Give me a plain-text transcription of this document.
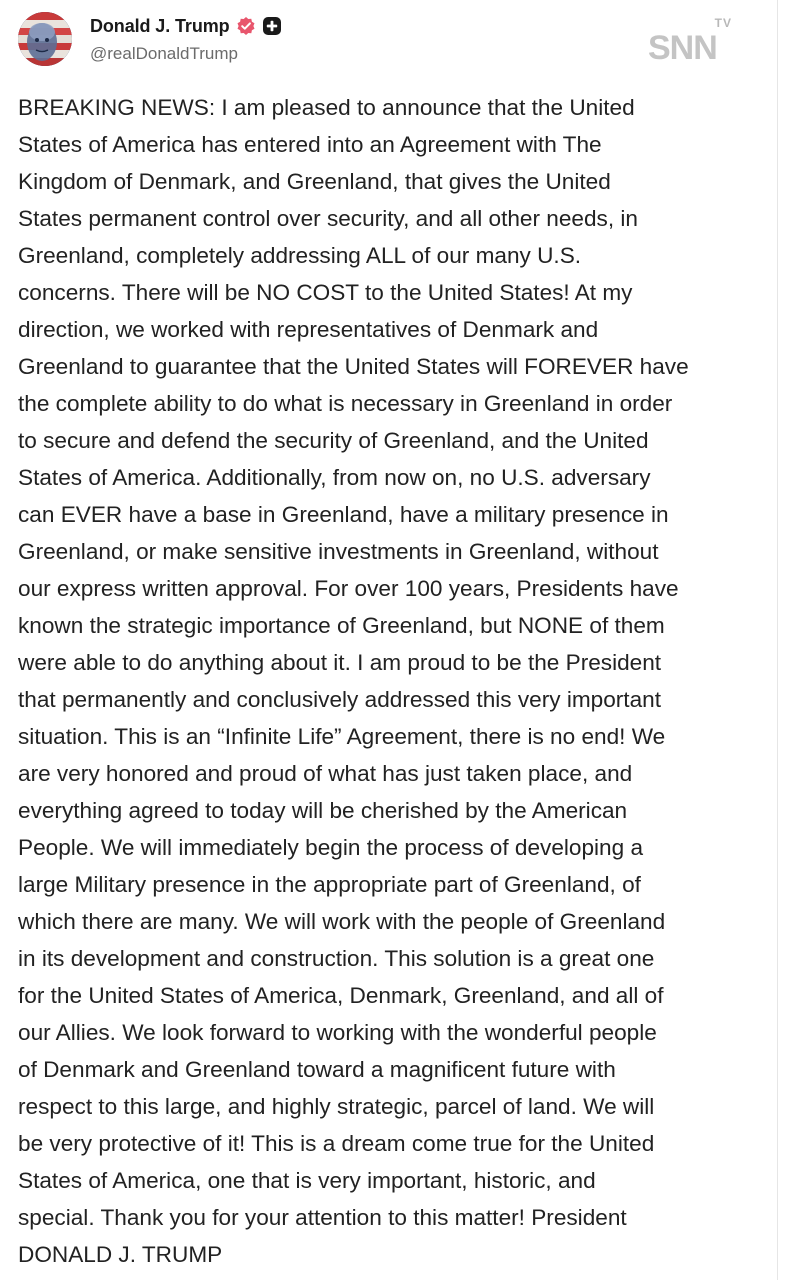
Donald J. Trump
@realDonaldTrump
TV
SNN
BREAKING NEWS: I am pleased to announce that the United
States of America has entered into an Agreement with The
Kingdom of Denmark, and Greenland, that gives the United
States permanent control over security, and all other needs, in
Greenland, completely addressing ALL of our many U.S.
concerns. There will be NO COST to the United States! At my
direction, we worked with representatives of Denmark and
Greenland to guarantee that the United States will FOREVER have
the complete ability to do what is necessary in Greenland in order
to secure and defend the security of Greenland, and the United
States of America. Additionally, from now on, no U.S. adversary
can EVER have a base in Greenland, have a military presence in
Greenland, or make sensitive investments in Greenland, without
our express written approval. For over 100 years, Presidents have
known the strategic importance of Greenland, but NONE of them
were able to do anything about it. I am proud to be the President
that permanently and conclusively addressed this very important
situation. This is an “Infinite Life” Agreement, there is no end! We
are very honored and proud of what has just taken place, and
everything agreed to today will be cherished by the American
People. We will immediately begin the process of developing a
large Military presence in the appropriate part of Greenland, of
which there are many. We will work with the people of Greenland
in its development and construction. This solution is a great one
for the United States of America, Denmark, Greenland, and all of
our Allies. We look forward to working with the wonderful people
of Denmark and Greenland toward a magnificent future with
respect to this large, and highly strategic, parcel of land. We will
be very protective of it! This is a dream come true for the United
States of America, one that is very important, historic, and
special. Thank you for your attention to this matter! President
DONALD J. TRUMP
